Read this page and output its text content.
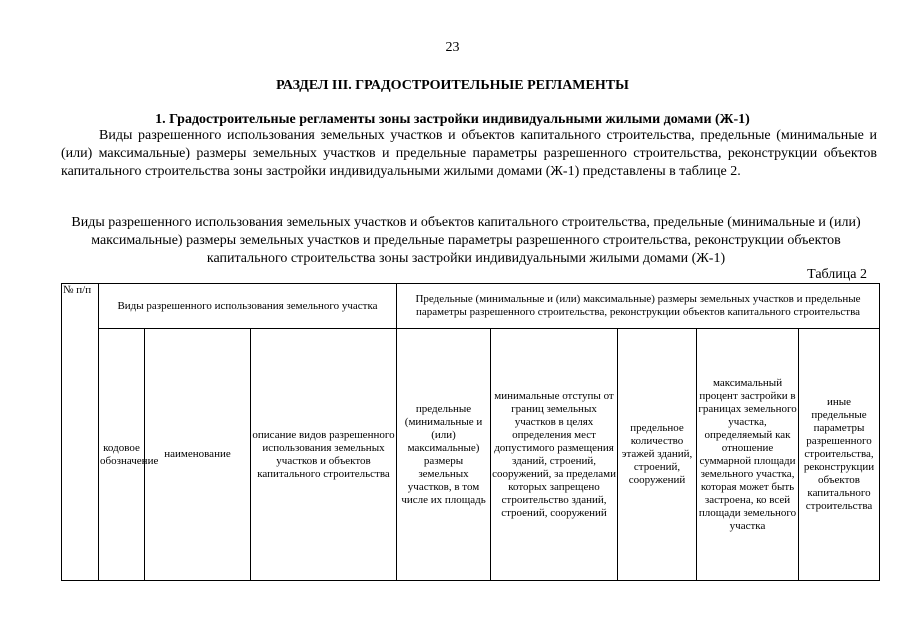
23
РАЗДЕЛ III. ГРАДОСТРОИТЕЛЬНЫЕ РЕГЛАМЕНТЫ
1. Градостроительные регламенты зоны застройки индивидуальными жилыми домами (Ж-1)

Виды разрешенного использования земельных участков и объектов капитального строительства, предельные (минимальные и (или) максимальные) размеры земельных участков и предельные параметры разрешенного строительства, реконструкции объектов капитального строительства зоны застройки индивидуальными жилыми домами (Ж-1) представлены в таблице 2.

Виды разрешенного использования земельных участков и объектов капитального строительства, предельные (минимальные и (или) максимальные) размеры земельных участков и предельные параметры разрешенного строительства, реконструкции объектов капитального строительства зоны застройки индивидуальными жилыми домами (Ж-1)
Таблица 2
№ п/п	Виды разрешенного использования земельного участка			Предельные (минимальные и (или) максимальные) размеры земельных участков и предельные параметры разрешенного строительства, реконструкции объектов капитального строительства				
	кодовое обозначение	наименование	описание видов разрешенного использования земельных участков и объектов капитального строительства	предельные (минимальные и (или) максимальные) размеры земельных участков, в том числе их площадь	минимальные отступы от границ земельных участков в целях определения мест допустимого размещения зданий, строений, сооружений, за пределами которых запрещено строительство зданий, строений, сооружений	предельное количество этажей зданий, строений, сооружений	максимальный процент застройки в границах земельного участка, определяемый как отношение суммарной площади земельного участка, которая может быть застроена, ко всей площади земельного участка	иные предельные параметры разрешенного строительства, реконструкции объектов капитального строительства
